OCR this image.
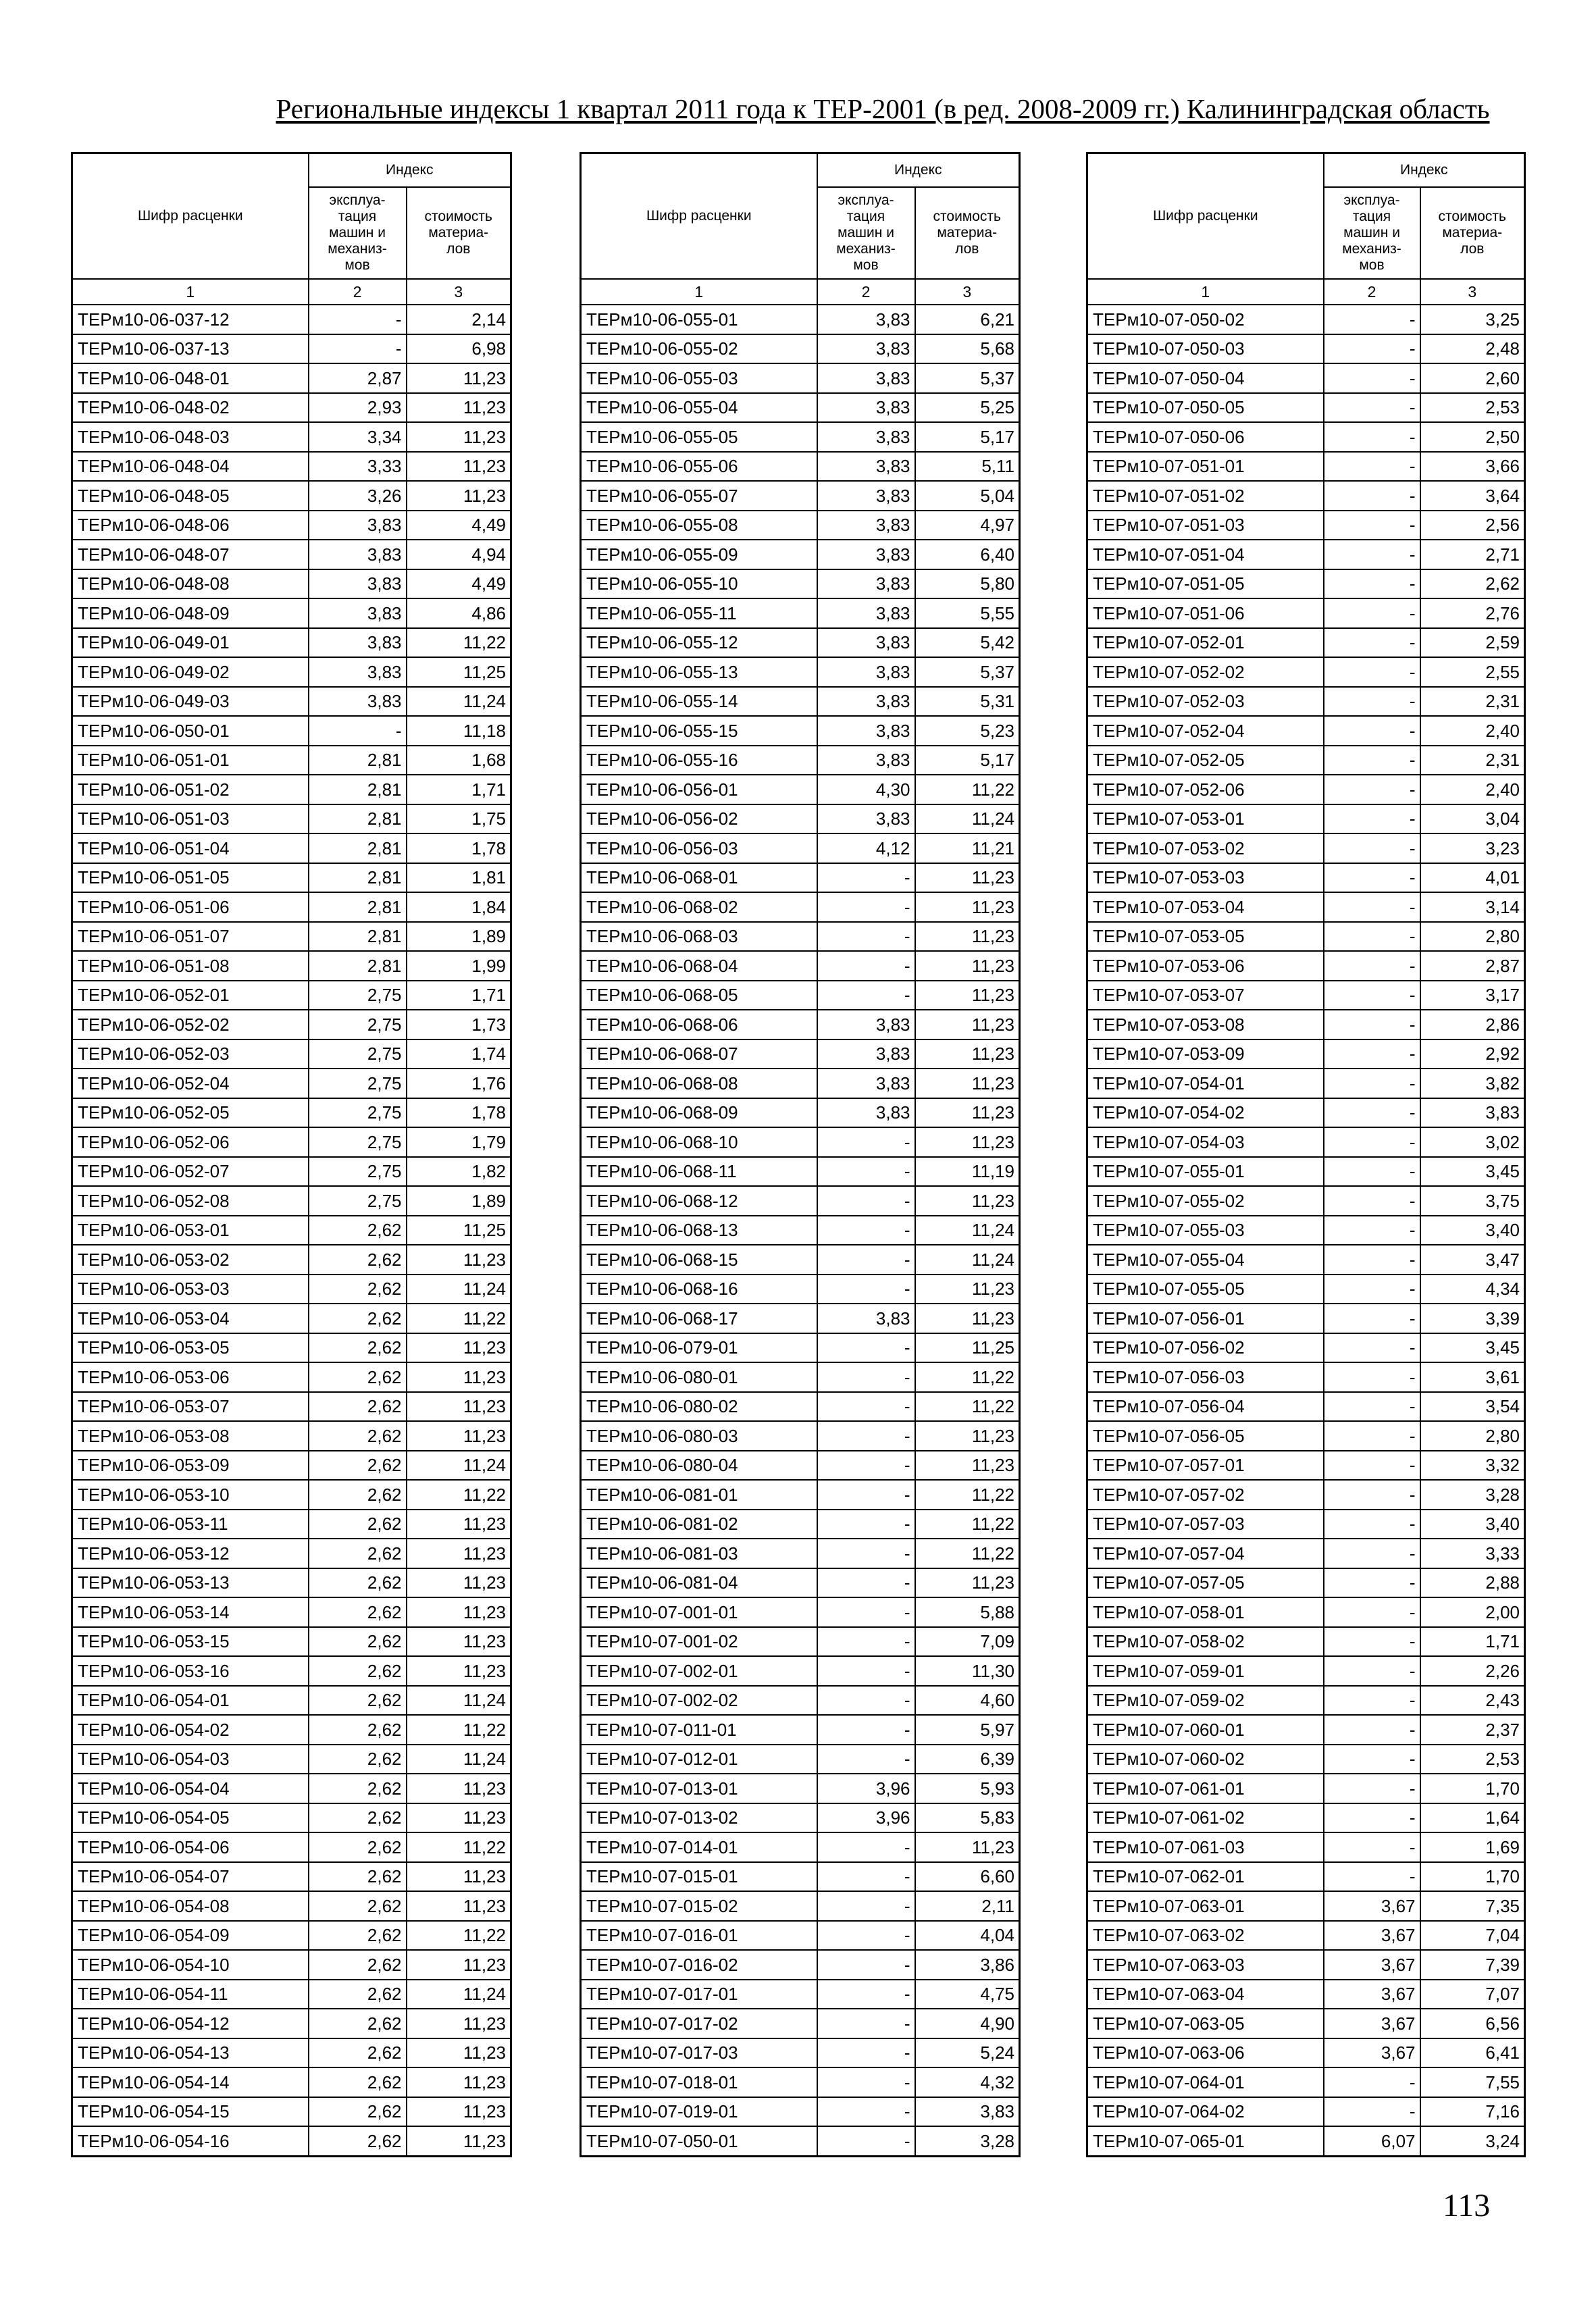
Региональные индексы 1 квартал 2011 года к ТЕР-2001 (в ред. 2008-2009 гг.) Калининградская область
Шифр расценки	Индекс	
	эксплуа-
тация
машин и
механиз-
мов	стоимость
материа-
лов
1	2	3
ТЕРм10-06-037-12	-	2,14
ТЕРм10-06-037-13	-	6,98
ТЕРм10-06-048-01	2,87	11,23
ТЕРм10-06-048-02	2,93	11,23
ТЕРм10-06-048-03	3,34	11,23
ТЕРм10-06-048-04	3,33	11,23
ТЕРм10-06-048-05	3,26	11,23
ТЕРм10-06-048-06	3,83	4,49
ТЕРм10-06-048-07	3,83	4,94
ТЕРм10-06-048-08	3,83	4,49
ТЕРм10-06-048-09	3,83	4,86
ТЕРм10-06-049-01	3,83	11,22
ТЕРм10-06-049-02	3,83	11,25
ТЕРм10-06-049-03	3,83	11,24
ТЕРм10-06-050-01	-	11,18
ТЕРм10-06-051-01	2,81	1,68
ТЕРм10-06-051-02	2,81	1,71
ТЕРм10-06-051-03	2,81	1,75
ТЕРм10-06-051-04	2,81	1,78
ТЕРм10-06-051-05	2,81	1,81
ТЕРм10-06-051-06	2,81	1,84
ТЕРм10-06-051-07	2,81	1,89
ТЕРм10-06-051-08	2,81	1,99
ТЕРм10-06-052-01	2,75	1,71
ТЕРм10-06-052-02	2,75	1,73
ТЕРм10-06-052-03	2,75	1,74
ТЕРм10-06-052-04	2,75	1,76
ТЕРм10-06-052-05	2,75	1,78
ТЕРм10-06-052-06	2,75	1,79
ТЕРм10-06-052-07	2,75	1,82
ТЕРм10-06-052-08	2,75	1,89
ТЕРм10-06-053-01	2,62	11,25
ТЕРм10-06-053-02	2,62	11,23
ТЕРм10-06-053-03	2,62	11,24
ТЕРм10-06-053-04	2,62	11,22
ТЕРм10-06-053-05	2,62	11,23
ТЕРм10-06-053-06	2,62	11,23
ТЕРм10-06-053-07	2,62	11,23
ТЕРм10-06-053-08	2,62	11,23
ТЕРм10-06-053-09	2,62	11,24
ТЕРм10-06-053-10	2,62	11,22
ТЕРм10-06-053-11	2,62	11,23
ТЕРм10-06-053-12	2,62	11,23
ТЕРм10-06-053-13	2,62	11,23
ТЕРм10-06-053-14	2,62	11,23
ТЕРм10-06-053-15	2,62	11,23
ТЕРм10-06-053-16	2,62	11,23
ТЕРм10-06-054-01	2,62	11,24
ТЕРм10-06-054-02	2,62	11,22
ТЕРм10-06-054-03	2,62	11,24
ТЕРм10-06-054-04	2,62	11,23
ТЕРм10-06-054-05	2,62	11,23
ТЕРм10-06-054-06	2,62	11,22
ТЕРм10-06-054-07	2,62	11,23
ТЕРм10-06-054-08	2,62	11,23
ТЕРм10-06-054-09	2,62	11,22
ТЕРм10-06-054-10	2,62	11,23
ТЕРм10-06-054-11	2,62	11,24
ТЕРм10-06-054-12	2,62	11,23
ТЕРм10-06-054-13	2,62	11,23
ТЕРм10-06-054-14	2,62	11,23
ТЕРм10-06-054-15	2,62	11,23
ТЕРм10-06-054-16	2,62	11,23
Шифр расценки	Индекс	
	эксплуа-
тация
машин и
механиз-
мов	стоимость
материа-
лов
1	2	3
ТЕРм10-06-055-01	3,83	6,21
ТЕРм10-06-055-02	3,83	5,68
ТЕРм10-06-055-03	3,83	5,37
ТЕРм10-06-055-04	3,83	5,25
ТЕРм10-06-055-05	3,83	5,17
ТЕРм10-06-055-06	3,83	5,11
ТЕРм10-06-055-07	3,83	5,04
ТЕРм10-06-055-08	3,83	4,97
ТЕРм10-06-055-09	3,83	6,40
ТЕРм10-06-055-10	3,83	5,80
ТЕРм10-06-055-11	3,83	5,55
ТЕРм10-06-055-12	3,83	5,42
ТЕРм10-06-055-13	3,83	5,37
ТЕРм10-06-055-14	3,83	5,31
ТЕРм10-06-055-15	3,83	5,23
ТЕРм10-06-055-16	3,83	5,17
ТЕРм10-06-056-01	4,30	11,22
ТЕРм10-06-056-02	3,83	11,24
ТЕРм10-06-056-03	4,12	11,21
ТЕРм10-06-068-01	-	11,23
ТЕРм10-06-068-02	-	11,23
ТЕРм10-06-068-03	-	11,23
ТЕРм10-06-068-04	-	11,23
ТЕРм10-06-068-05	-	11,23
ТЕРм10-06-068-06	3,83	11,23
ТЕРм10-06-068-07	3,83	11,23
ТЕРм10-06-068-08	3,83	11,23
ТЕРм10-06-068-09	3,83	11,23
ТЕРм10-06-068-10	-	11,23
ТЕРм10-06-068-11	-	11,19
ТЕРм10-06-068-12	-	11,23
ТЕРм10-06-068-13	-	11,24
ТЕРм10-06-068-15	-	11,24
ТЕРм10-06-068-16	-	11,23
ТЕРм10-06-068-17	3,83	11,23
ТЕРм10-06-079-01	-	11,25
ТЕРм10-06-080-01	-	11,22
ТЕРм10-06-080-02	-	11,22
ТЕРм10-06-080-03	-	11,23
ТЕРм10-06-080-04	-	11,23
ТЕРм10-06-081-01	-	11,22
ТЕРм10-06-081-02	-	11,22
ТЕРм10-06-081-03	-	11,22
ТЕРм10-06-081-04	-	11,23
ТЕРм10-07-001-01	-	5,88
ТЕРм10-07-001-02	-	7,09
ТЕРм10-07-002-01	-	11,30
ТЕРм10-07-002-02	-	4,60
ТЕРм10-07-011-01	-	5,97
ТЕРм10-07-012-01	-	6,39
ТЕРм10-07-013-01	3,96	5,93
ТЕРм10-07-013-02	3,96	5,83
ТЕРм10-07-014-01	-	11,23
ТЕРм10-07-015-01	-	6,60
ТЕРм10-07-015-02	-	2,11
ТЕРм10-07-016-01	-	4,04
ТЕРм10-07-016-02	-	3,86
ТЕРм10-07-017-01	-	4,75
ТЕРм10-07-017-02	-	4,90
ТЕРм10-07-017-03	-	5,24
ТЕРм10-07-018-01	-	4,32
ТЕРм10-07-019-01	-	3,83
ТЕРм10-07-050-01	-	3,28
Шифр расценки	Индекс	
	эксплуа-
тация
машин и
механиз-
мов	стоимость
материа-
лов
1	2	3
ТЕРм10-07-050-02	-	3,25
ТЕРм10-07-050-03	-	2,48
ТЕРм10-07-050-04	-	2,60
ТЕРм10-07-050-05	-	2,53
ТЕРм10-07-050-06	-	2,50
ТЕРм10-07-051-01	-	3,66
ТЕРм10-07-051-02	-	3,64
ТЕРм10-07-051-03	-	2,56
ТЕРм10-07-051-04	-	2,71
ТЕРм10-07-051-05	-	2,62
ТЕРм10-07-051-06	-	2,76
ТЕРм10-07-052-01	-	2,59
ТЕРм10-07-052-02	-	2,55
ТЕРм10-07-052-03	-	2,31
ТЕРм10-07-052-04	-	2,40
ТЕРм10-07-052-05	-	2,31
ТЕРм10-07-052-06	-	2,40
ТЕРм10-07-053-01	-	3,04
ТЕРм10-07-053-02	-	3,23
ТЕРм10-07-053-03	-	4,01
ТЕРм10-07-053-04	-	3,14
ТЕРм10-07-053-05	-	2,80
ТЕРм10-07-053-06	-	2,87
ТЕРм10-07-053-07	-	3,17
ТЕРм10-07-053-08	-	2,86
ТЕРм10-07-053-09	-	2,92
ТЕРм10-07-054-01	-	3,82
ТЕРм10-07-054-02	-	3,83
ТЕРм10-07-054-03	-	3,02
ТЕРм10-07-055-01	-	3,45
ТЕРм10-07-055-02	-	3,75
ТЕРм10-07-055-03	-	3,40
ТЕРм10-07-055-04	-	3,47
ТЕРм10-07-055-05	-	4,34
ТЕРм10-07-056-01	-	3,39
ТЕРм10-07-056-02	-	3,45
ТЕРм10-07-056-03	-	3,61
ТЕРм10-07-056-04	-	3,54
ТЕРм10-07-056-05	-	2,80
ТЕРм10-07-057-01	-	3,32
ТЕРм10-07-057-02	-	3,28
ТЕРм10-07-057-03	-	3,40
ТЕРм10-07-057-04	-	3,33
ТЕРм10-07-057-05	-	2,88
ТЕРм10-07-058-01	-	2,00
ТЕРм10-07-058-02	-	1,71
ТЕРм10-07-059-01	-	2,26
ТЕРм10-07-059-02	-	2,43
ТЕРм10-07-060-01	-	2,37
ТЕРм10-07-060-02	-	2,53
ТЕРм10-07-061-01	-	1,70
ТЕРм10-07-061-02	-	1,64
ТЕРм10-07-061-03	-	1,69
ТЕРм10-07-062-01	-	1,70
ТЕРм10-07-063-01	3,67	7,35
ТЕРм10-07-063-02	3,67	7,04
ТЕРм10-07-063-03	3,67	7,39
ТЕРм10-07-063-04	3,67	7,07
ТЕРм10-07-063-05	3,67	6,56
ТЕРм10-07-063-06	3,67	6,41
ТЕРм10-07-064-01	-	7,55
ТЕРм10-07-064-02	-	7,16
ТЕРм10-07-065-01	6,07	3,24
113
